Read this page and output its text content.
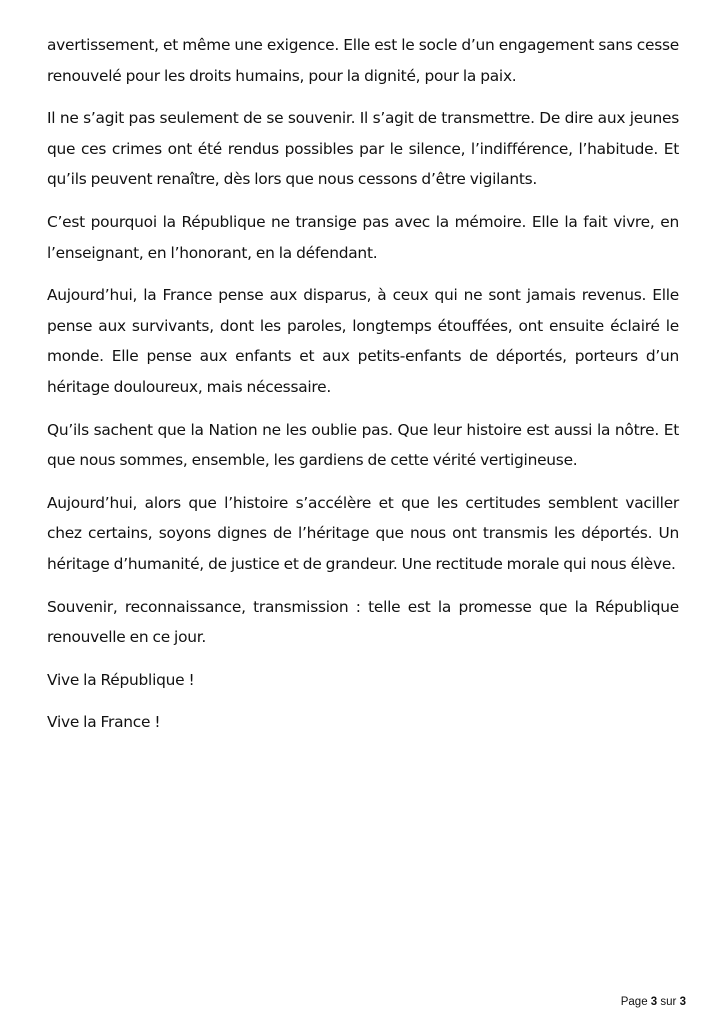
avertissement, et même une exigence. Elle est le socle d’un engagement sans cesse renouvelé pour les droits humains, pour la dignité, pour la paix.

Il ne s’agit pas seulement de se souvenir. Il s’agit de transmettre. De dire aux jeunes que ces crimes ont été rendus possibles par le silence, l’indifférence, l’habitude. Et qu’ils peuvent renaître, dès lors que nous cessons d’être vigilants.

C’est pourquoi la République ne transige pas avec la mémoire. Elle la fait vivre, en l’enseignant, en l’honorant, en la défendant.

Aujourd’hui, la France pense aux disparus, à ceux qui ne sont jamais revenus. Elle pense aux survivants, dont les paroles, longtemps étouffées, ont ensuite éclairé le monde. Elle pense aux enfants et aux petits-enfants de déportés, porteurs d’un héritage douloureux, mais nécessaire.

Qu’ils sachent que la Nation ne les oublie pas. Que leur histoire est aussi la nôtre. Et que nous sommes, ensemble, les gardiens de cette vérité vertigineuse.

Aujourd’hui, alors que l’histoire s’accélère et que les certitudes semblent vaciller chez certains, soyons dignes de l’héritage que nous ont transmis les déportés. Un héritage d’humanité, de justice et de grandeur. Une rectitude morale qui nous élève.

Souvenir, reconnaissance, transmission : telle est la promesse que la République renouvelle en ce jour.

Vive la République !

Vive la France !

Page 3 sur 3
